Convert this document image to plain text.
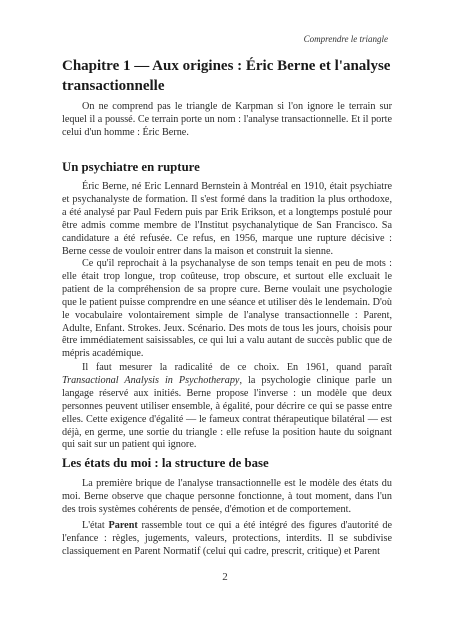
Comprendre le triangle
Chapitre 1 — Aux origines : Éric Berne et l'analyse transactionnelle

On ne comprend pas le triangle de Karpman si l'on ignore le terrain sur lequel il a poussé. Ce terrain porte un nom : l'analyse transactionnelle. Et il porte celui d'un homme : Éric Berne.

Un psychiatre en rupture

Éric Berne, né Eric Lennard Bernstein à Montréal en 1910, était psychiatre et psychanalyste de formation. Il s'est formé dans la tradition la plus orthodoxe, a été analysé par Paul Federn puis par Erik Erikson, et a longtemps postulé pour être admis comme membre de l'Institut psychanalytique de San Francisco. Sa candidature a été refusée. Ce refus, en 1956, marque une rupture décisive : Berne cesse de vouloir entrer dans la maison et construit la sienne.

Ce qu'il reprochait à la psychanalyse de son temps tenait en peu de mots : elle était trop longue, trop coûteuse, trop obscure, et surtout elle excluait le patient de la compréhension de sa propre cure. Berne voulait une psychologie que le patient puisse comprendre en une séance et utiliser dès le lendemain. D'où le vocabulaire volontairement simple de l'analyse transactionnelle : Parent, Adulte, Enfant. Strokes. Jeux. Scénario. Des mots de tous les jours, choisis pour être immédiatement saisissables, ce qui lui a valu autant de succès public que de mépris académique.

Il faut mesurer la radicalité de ce choix. En 1961, quand paraît Transactional Analysis in Psychotherapy, la psychologie clinique parle un langage réservé aux initiés. Berne propose l'inverse : un modèle que deux personnes peuvent utiliser ensemble, à égalité, pour décrire ce qui se passe entre elles. Cette exigence d'égalité — le fameux contrat thérapeutique bilatéral — est déjà, en germe, une sortie du triangle : elle refuse la position haute du soignant qui sait sur un patient qui ignore.

Les états du moi : la structure de base

La première brique de l'analyse transactionnelle est le modèle des états du moi. Berne observe que chaque personne fonctionne, à tout moment, dans l'un des trois systèmes cohérents de pensée, d'émotion et de comportement.

L'état Parent rassemble tout ce qui a été intégré des figures d'autorité de l'enfance : règles, jugements, valeurs, protections, interdits. Il se subdivise classiquement en Parent Normatif (celui qui cadre, prescrit, critique) et Parent

2
